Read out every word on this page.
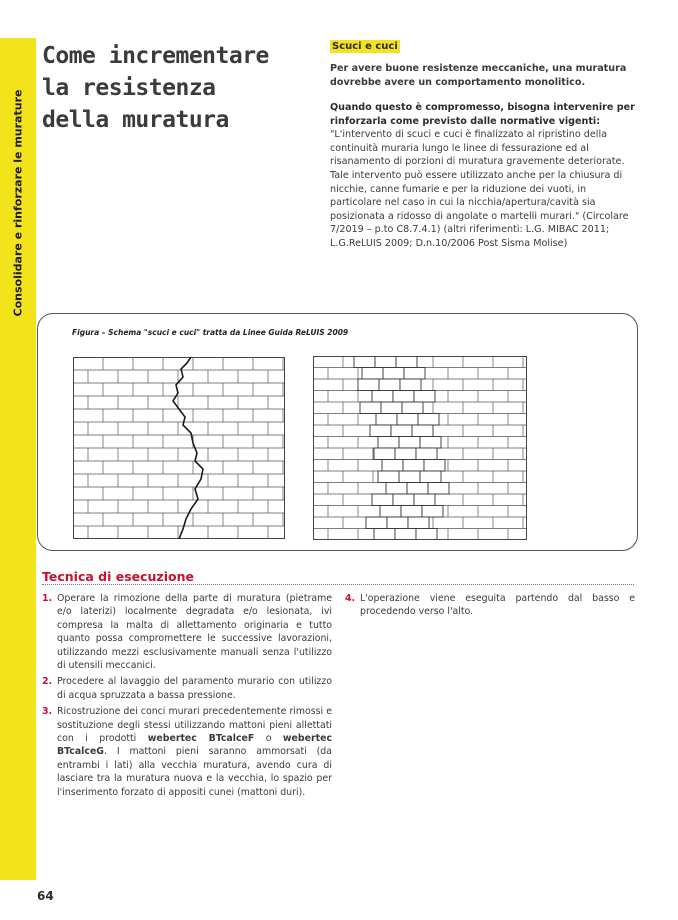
Consolidare e rinforzare le murature
Come incrementare
la resistenza
della muratura
Scuci e cuci

Per avere buone resistenze meccaniche, una muratura dovrebbe avere un comportamento monolitico.

Quando questo è compromesso, bisogna intervenire per rinforzarla come previsto dalle normative vigenti: "L'intervento di scuci e cuci è finalizzato al ripristino della continuità muraria lungo le linee di fessurazione ed al risanamento di porzioni di muratura gravemente deteriorate. Tale intervento può essere utilizzato anche per la chiusura di nicchie, canne fumarie e per la riduzione dei vuoti, in particolare nel caso in cui la nicchia/apertura/cavità sia posizionata a ridosso di angolate o martelli murari." (Circolare 7/2019 – p.to C8.7.4.1) (altri riferimenti: L.G. MIBAC 2011; L.G.ReLUIS 2009; D.n.10/2006 Post Sisma Molise)

Figura – Schema "scuci e cuci" tratta da Linee Guida ReLUIS 2009
Tecnica di esecuzione
1. Operare la rimozione della parte di muratura (pietrame e/o laterizi) localmente degradata e/o lesionata, ivi compresa la malta di allettamento originaria e tutto quanto possa compromettere le successive lavorazioni, utilizzando mezzi esclusivamente manuali senza l'utilizzo di utensili meccanici.
2. Procedere al lavaggio del paramento murario con utilizzo di acqua spruzzata a bassa pressione.
3. Ricostruzione dei conci murari precedentemente rimossi e sostituzione degli stessi utilizzando mattoni pieni allettati con i prodotti webertec BTcalceF o webertec BTcalceG. I mattoni pieni saranno ammorsati (da entrambi i lati) alla vecchia muratura, avendo cura di lasciare tra la muratura nuova e la vecchia, lo spazio per l'inserimento forzato di appositi cunei (mattoni duri).
4. L'operazione viene eseguita partendo dal basso e procedendo verso l'alto.
64
